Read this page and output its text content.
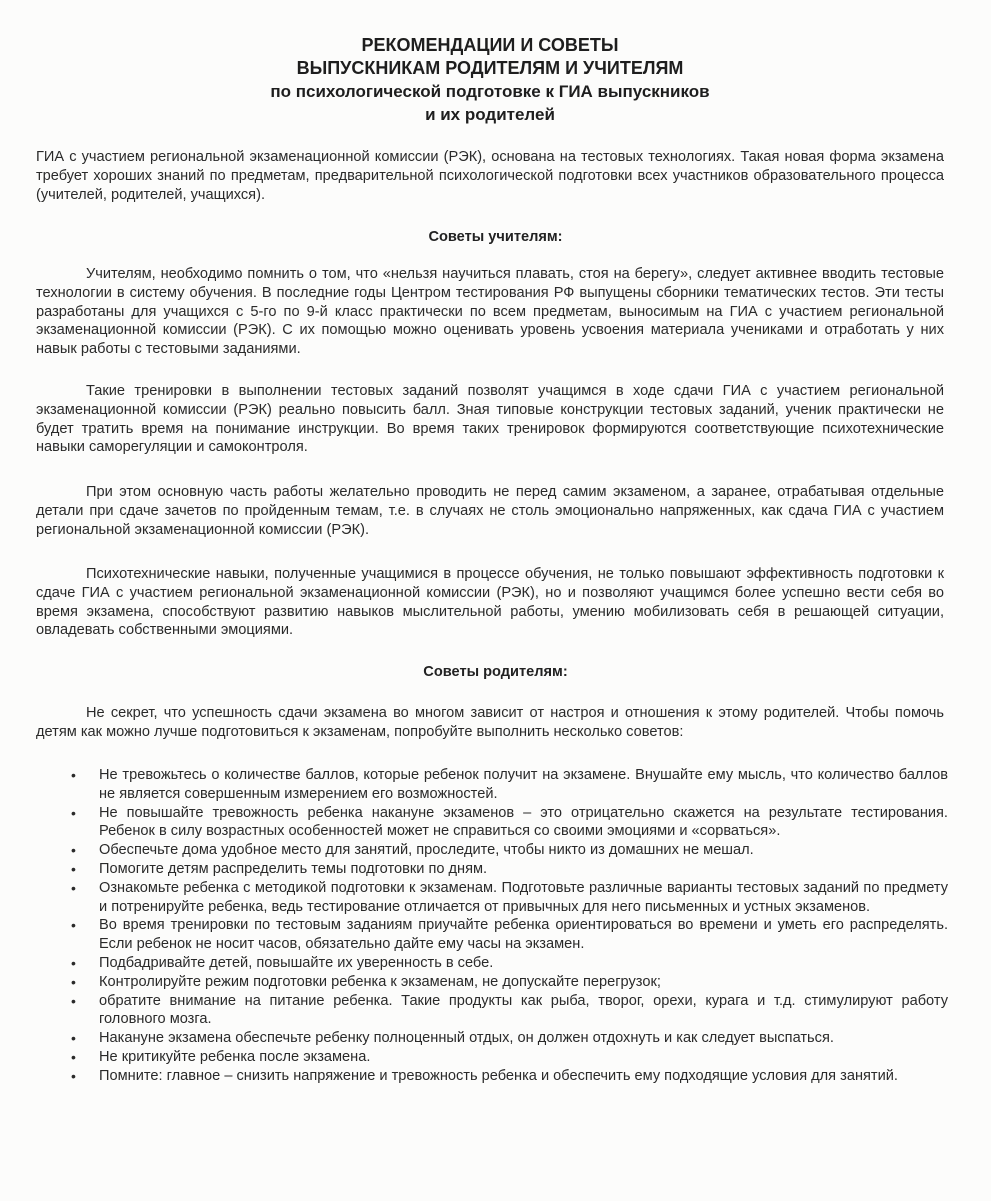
РЕКОМЕНДАЦИИ И СОВЕТЫ
ВЫПУСКНИКАМ РОДИТЕЛЯМ И УЧИТЕЛЯМ
по психологической подготовке к ГИА выпускников
и их родителей
ГИА с участием региональной экзаменационной комиссии (РЭК), основана на тестовых технологиях. Такая новая форма экзамена требует хороших знаний по предметам, предварительной психологической подготовки всех участников образовательного процесса (учителей, родителей, учащихся).
Советы учителям:
Учителям, необходимо помнить о том, что «нельзя научиться плавать, стоя на берегу», следует активнее вводить тестовые технологии в систему обучения. В последние годы Центром тестирования РФ выпущены сборники тематических тестов. Эти тесты разработаны для учащихся с 5-го по 9-й класс практически по всем предметам, выносимым на ГИА с участием региональной экзаменационной комиссии (РЭК). С их помощью можно оценивать уровень усвоения материала учениками и отработать у них навык работы с тестовыми заданиями.
Такие тренировки в выполнении тестовых заданий позволят учащимся в ходе сдачи ГИА с участием региональной экзаменационной комиссии (РЭК) реально повысить балл. Зная типовые конструкции тестовых заданий, ученик практически не будет тратить время на понимание инструкции. Во время таких тренировок формируются соответствующие психотехнические навыки саморегуляции и самоконтроля.
При этом основную часть работы желательно проводить не перед самим экзаменом, а заранее, отрабатывая отдельные детали при сдаче зачетов по пройденным темам, т.е. в случаях не столь эмоционально напряженных, как сдача ГИА с участием региональной экзаменационной комиссии (РЭК).
Психотехнические навыки, полученные учащимися в процессе обучения, не только повышают эффективность подготовки к сдаче ГИА с участием региональной экзаменационной комиссии (РЭК), но и позволяют учащимся более успешно вести себя во время экзамена, способствуют развитию навыков мыслительной работы, умению мобилизовать себя в решающей ситуации, овладевать собственными эмоциями.
Советы родителям:
Не секрет, что успешность сдачи экзамена во многом зависит от настроя и отношения к этому родителей. Чтобы помочь детям как можно лучше подготовиться к экзаменам, попробуйте выполнить несколько советов:
• Не тревожьтесь о количестве баллов, которые ребенок получит на экзамене. Внушайте ему мысль, что количество баллов не является совершенным измерением его возможностей.
• Не повышайте тревожность ребенка накануне экзаменов – это отрицательно скажется на результате тестирования. Ребенок в силу возрастных особенностей может не справиться со своими эмоциями и «сорваться».
• Обеспечьте дома удобное место для занятий, проследите, чтобы никто из домашних не мешал.
• Помогите детям распределить темы подготовки по дням.
• Ознакомьте ребенка с методикой подготовки к экзаменам. Подготовьте различные варианты тестовых заданий по предмету и потренируйте ребенка, ведь тестирование отличается от привычных для него письменных и устных экзаменов.
• Во время тренировки по тестовым заданиям приучайте ребенка ориентироваться во времени и уметь его распределять. Если ребенок не носит часов, обязательно дайте ему часы на экзамен.
• Подбадривайте детей, повышайте их уверенность в себе.
• Контролируйте режим подготовки ребенка к экзаменам, не допускайте перегрузок;
• обратите внимание на питание ребенка. Такие продукты как рыба, творог, орехи, курага и т.д. стимулируют работу головного мозга.
• Накануне экзамена обеспечьте ребенку полноценный отдых, он должен отдохнуть и как следует выспаться.
• Не критикуйте ребенка после экзамена.
• Помните: главное – снизить напряжение и тревожность ребенка и обеспечить ему подходящие условия для занятий.
